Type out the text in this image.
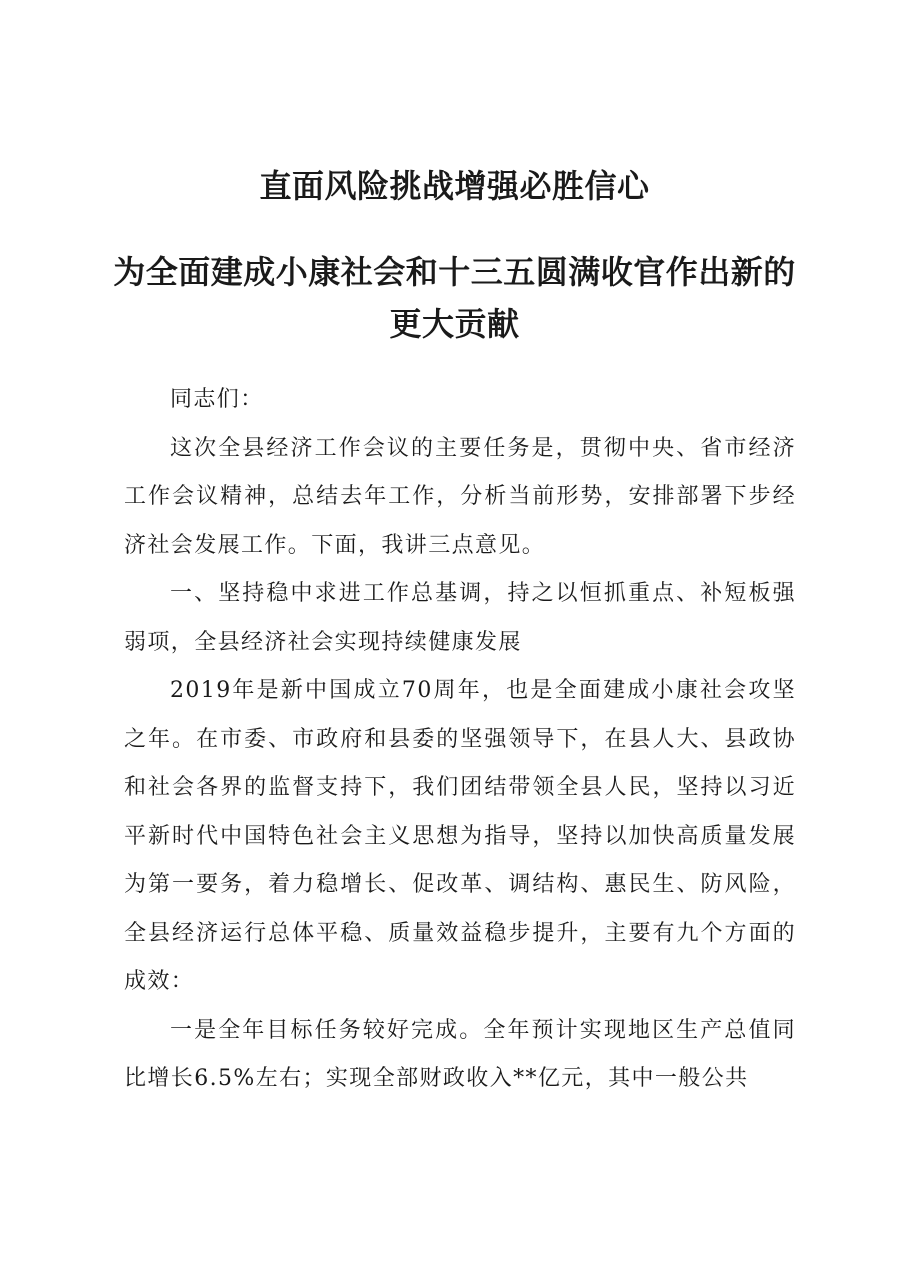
直面风险挑战增强必胜信心
为全面建成小康社会和十三五圆满收官作出新的更大贡献

同志们：

这次全县经济工作会议的主要任务是，贯彻中央、省市经济工作会议精神，总结去年工作，分析当前形势，安排部署下步经济社会发展工作。下面，我讲三点意见。

一、坚持稳中求进工作总基调，持之以恒抓重点、补短板强弱项，全县经济社会实现持续健康发展

2019年是新中国成立70周年，也是全面建成小康社会攻坚之年。在市委、市政府和县委的坚强领导下，在县人大、县政协和社会各界的监督支持下，我们团结带领全县人民，坚持以习近平新时代中国特色社会主义思想为指导，坚持以加快高质量发展为第一要务，着力稳增长、促改革、调结构、惠民生、防风险，全县经济运行总体平稳、质量效益稳步提升，主要有九个方面的成效：

一是全年目标任务较好完成。全年预计实现地区生产总值同比增长6.5%左右；实现全部财政收入**亿元，其中一般公共
